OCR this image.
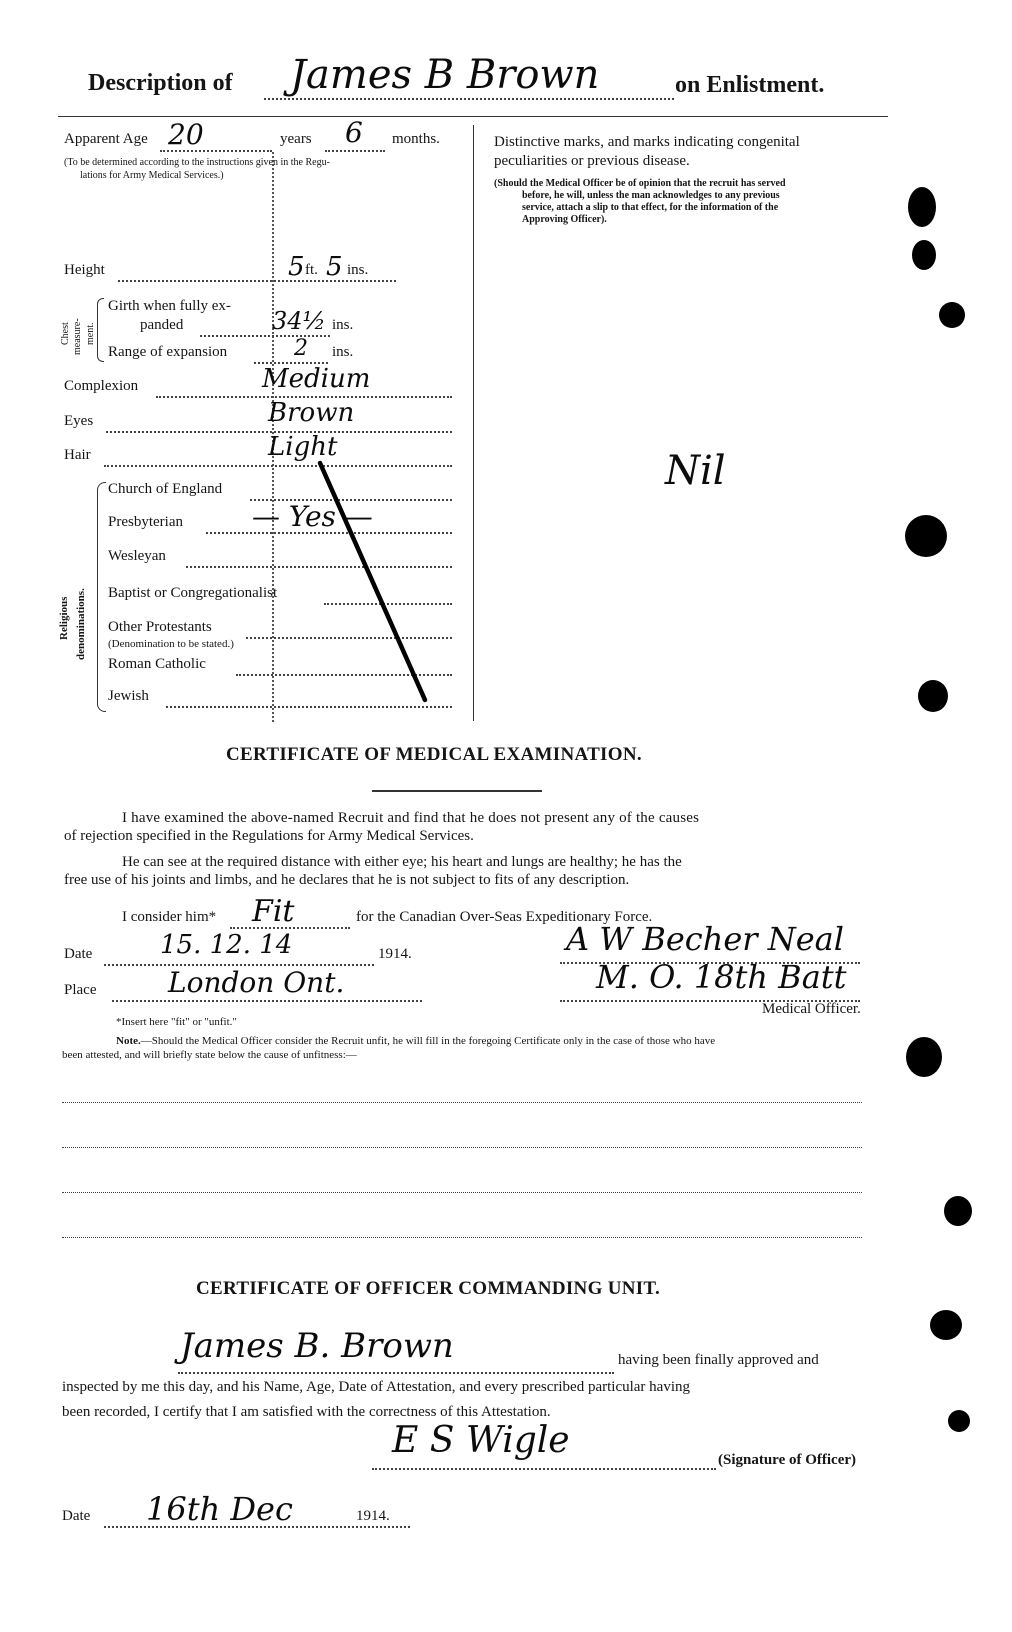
Description of James B Brown	on Enlistment.
Apparent Age 20	years 6 months.
(To be determined according to the instructions given in the Regu-
lations for Army Medical Services.)
Height	5 ft. 5 ins.
Chest measure- ment.
Girth when fully ex-
panded	34½ ins.
Range of expansion	2 ins.
Complexion	Medium
Eyes	Brown
Hair	Light
Religious denominations.
Church of England
Presbyterian — Yes —
Wesleyan
Baptist or Congregationalist
Other Protestants
(Denomination to be stated.)
Roman Catholic
Jewish
Distinctive marks, and marks indicating congenital
peculiarities or previous disease.
(Should the Medical Officer be of opinion that the recruit has served
before, he will, unless the man acknowledges to any previous
service, attach a slip to that effect, for the information of the
Approving Officer).
Nil
CERTIFICATE OF MEDICAL EXAMINATION.
I have examined the above-named Recruit and find that he does not present any of the causes
of rejection specified in the Regulations for Army Medical Services.
He can see at the required distance with either eye; his heart and lungs are healthy; he has the
free use of his joints and limbs, and he declares that he is not subject to fits of any description.
I consider him* Fit	for the Canadian Over-Seas Expeditionary Force.
Date	15. 12. 14	1914.
Place	London Ont.
A W Becher Neal
M. O. 18th Batt
Medical Officer.
*Insert here "fit" or "unfit."
Note.—Should the Medical Officer consider the Recruit unfit, he will fill in the foregoing Certificate only in the case of those who have
been attested, and will briefly state below the cause of unfitness:—
CERTIFICATE OF OFFICER COMMANDING UNIT.
James B. Brown	having been finally approved and
inspected by me this day, and his Name, Age, Date of Attestation, and every prescribed particular having
been recorded, I certify that I am satisfied with the correctness of this Attestation.
E S Wigle	(Signature of Officer)
Date 16th Dec	1914.
